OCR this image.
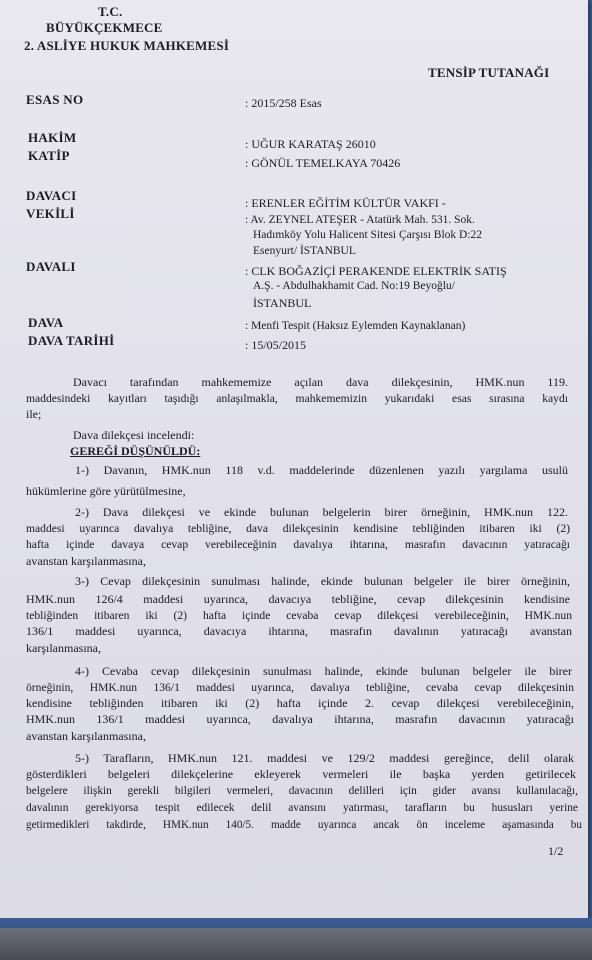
T.C.
BÜYÜKÇEKMECE
2. ASLİYE HUKUK MAHKEMESİ
TENSİP TUTANAĞI
ESAS NO	: 2015/258 Esas
HAKİM	: UĞUR KARATAŞ 26010
KATİP	: GÖNÜL TEMELKAYA 70426
DAVACI	: ERENLER EĞİTİM KÜLTÜR VAKFI -
VEKİLİ	: Av. ZEYNEL ATEŞER - Atatürk Mah. 531. Sok.
Hadımköy Yolu Halicent Sitesi Çarşısı Blok D:22
Esenyurt/ İSTANBUL
DAVALI	: CLK BOĞAZİÇİ PERAKENDE ELEKTRİK SATIŞ
A.Ş. - Abdulhakhamit Cad. No:19 Beyoğlu/
İSTANBUL
DAVA	: Menfi Tespit (Haksız Eylemden Kaynaklanan)
DAVA TARİHİ	: 15/05/2015
Davacı tarafından mahkememize açılan dava dilekçesinin, HMK.nun 119.
maddesindeki kayıtları taşıdığı anlaşılmakla, mahkememizin yukarıdaki esas sırasına kaydı
ile;
Dava dilekçesi incelendi:
GEREĞİ DÜŞÜNÜLDÜ:
1-) Davanın, HMK.nun 118 v.d. maddelerinde düzenlenen yazılı yargılama usulü
hükümlerine göre yürütülmesine,
2-) Dava dilekçesi ve ekinde bulunan belgelerin birer örneğinin, HMK.nun 122.
maddesi uyarınca davalıya tebliğine, dava dilekçesinin kendisine tebliğinden itibaren iki (2)
hafta içinde davaya cevap verebileceğinin davalıya ihtarına, masrafın davacının yatıracağı
avanstan karşılanmasına,
3-) Cevap dilekçesinin sunulması halinde, ekinde bulunan belgeler ile birer örneğinin,
HMK.nun 126/4 maddesi uyarınca, davacıya tebliğine, cevap dilekçesinin kendisine
tebliğinden itibaren iki (2) hafta içinde cevaba cevap dilekçesi verebileceğinin, HMK.nun
136/1 maddesi uyarınca, davacıya ihtarına, masrafın davalının yatıracağı avanstan
karşılanmasına,
4-) Cevaba cevap dilekçesinin sunulması halinde, ekinde bulunan belgeler ile birer
örneğinin, HMK.nun 136/1 maddesi uyarınca, davalıya tebliğine, cevaba cevap dilekçesinin
kendisine tebliğinden itibaren iki (2) hafta içinde 2. cevap dilekçesi verebileceğinin,
HMK.nun 136/1 maddesi uyarınca, davalıya ihtarına, masrafın davacının yatıracağı
avanstan karşılanmasına,
5-) Tarafların, HMK.nun 121. maddesi ve 129/2 maddesi gereğince, delil olarak
gösterdikleri belgeleri dilekçelerine ekleyerek vermeleri ile başka yerden getirilecek
belgelere ilişkin gerekli bilgileri vermeleri, davacının delilleri için gider avansı kullanılacağı,
davalının gerekiyorsa tespit edilecek delil avansını yatırması, tarafların bu hususları yerine
getirmedikleri takdirde, HMK.nun 140/5. madde uyarınca ancak ön inceleme aşamasında bu
1/2
